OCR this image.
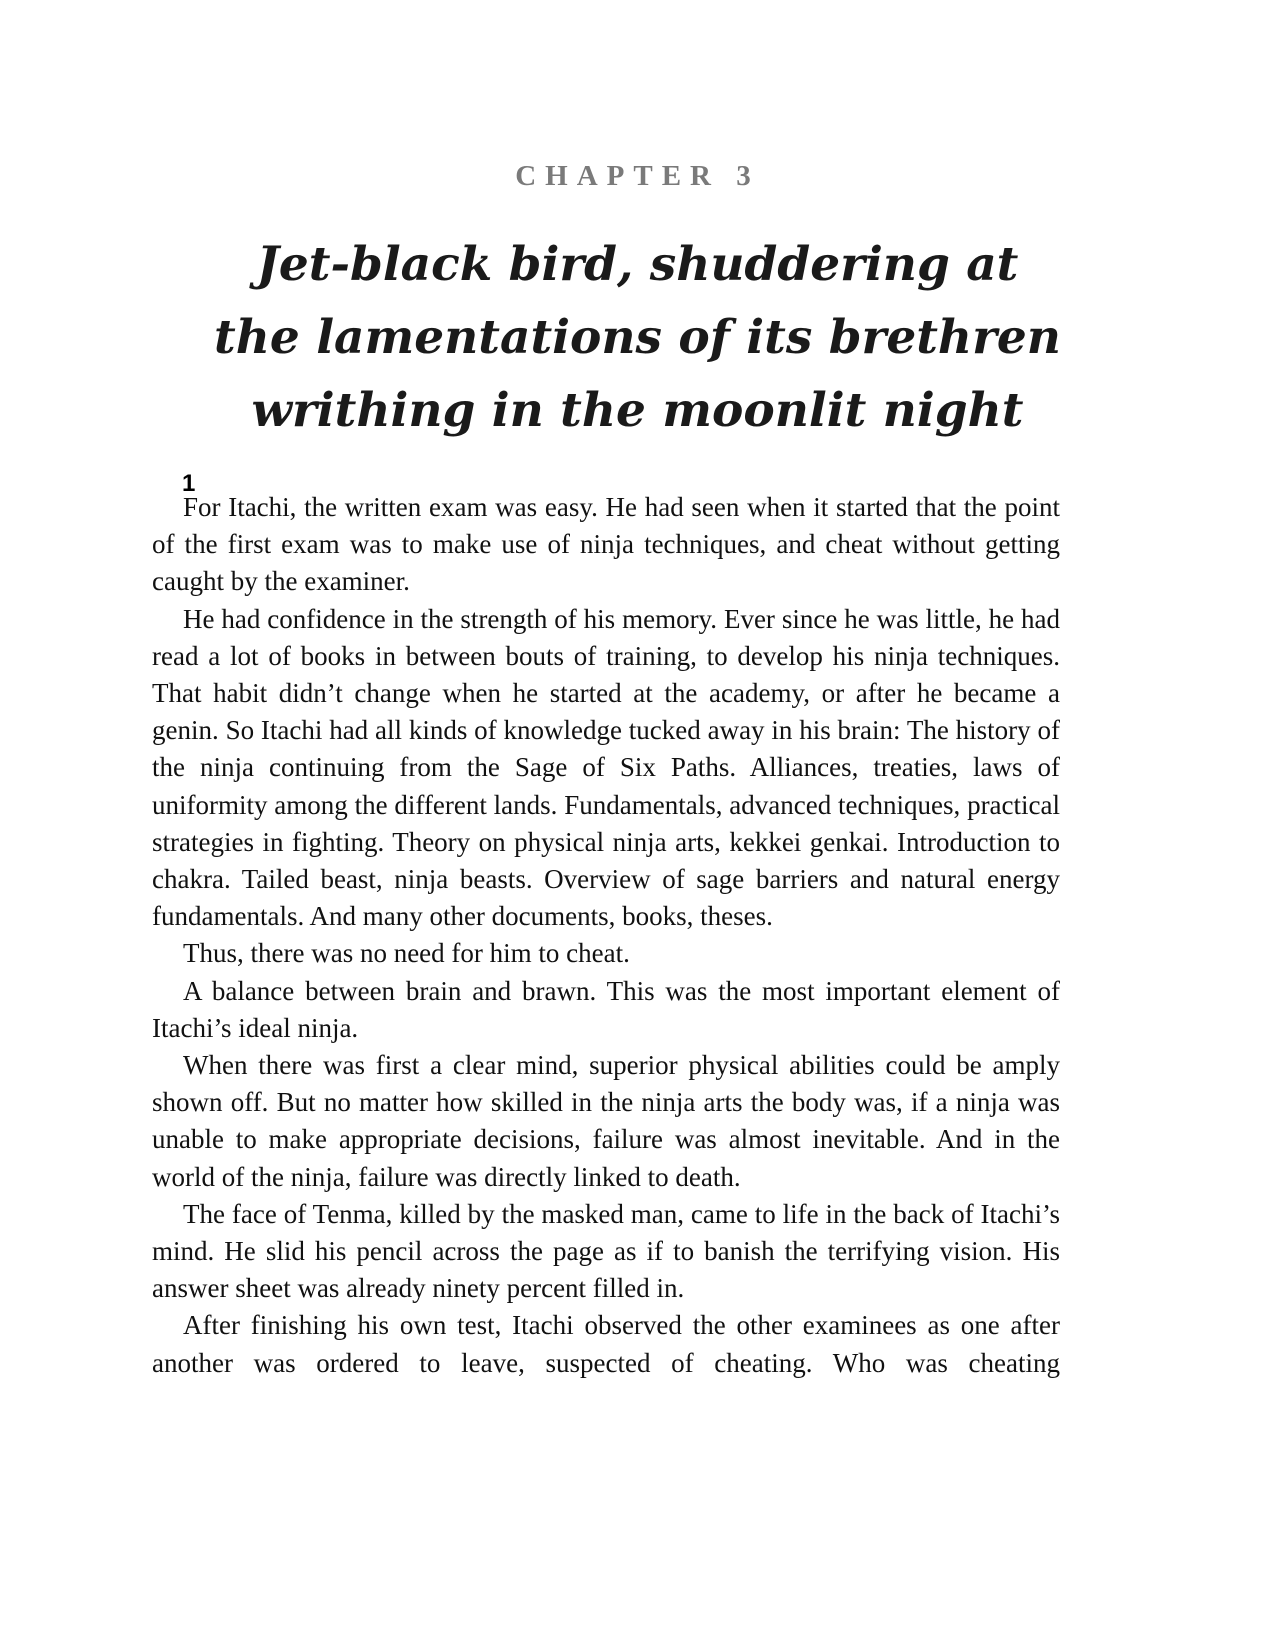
CHAPTER 3
Jet-black bird, shuddering at
the lamentations of its brethren
writhing in the moonlit night
1

For Itachi, the written exam was easy. He had seen when it started that the point of the first exam was to make use of ninja techniques, and cheat without getting caught by the examiner.

He had confidence in the strength of his memory. Ever since he was little, he had read a lot of books in between bouts of training, to develop his ninja techniques. That habit didn’t change when he started at the academy, or after he became a genin. So Itachi had all kinds of knowledge tucked away in his brain: The history of the ninja continuing from the Sage of Six Paths. Alliances, treaties, laws of uniformity among the different lands. Fundamentals, advanced techniques, practical strategies in fighting. Theory on physical ninja arts, kekkei genkai. Introduction to chakra. Tailed beast, ninja beasts. Overview of sage barriers and natural energy fundamentals. And many other documents, books, theses.

Thus, there was no need for him to cheat.

A balance between brain and brawn. This was the most important element of Itachi’s ideal ninja.

When there was first a clear mind, superior physical abilities could be amply shown off. But no matter how skilled in the ninja arts the body was, if a ninja was unable to make appropriate decisions, failure was almost inevitable. And in the world of the ninja, failure was directly linked to death.

The face of Tenma, killed by the masked man, came to life in the back of Itachi’s mind. He slid his pencil across the page as if to banish the terrifying vision. His answer sheet was already ninety percent filled in.

After finishing his own test, Itachi observed the other examinees as one after another was ordered to leave, suspected of cheating. Who was cheating
